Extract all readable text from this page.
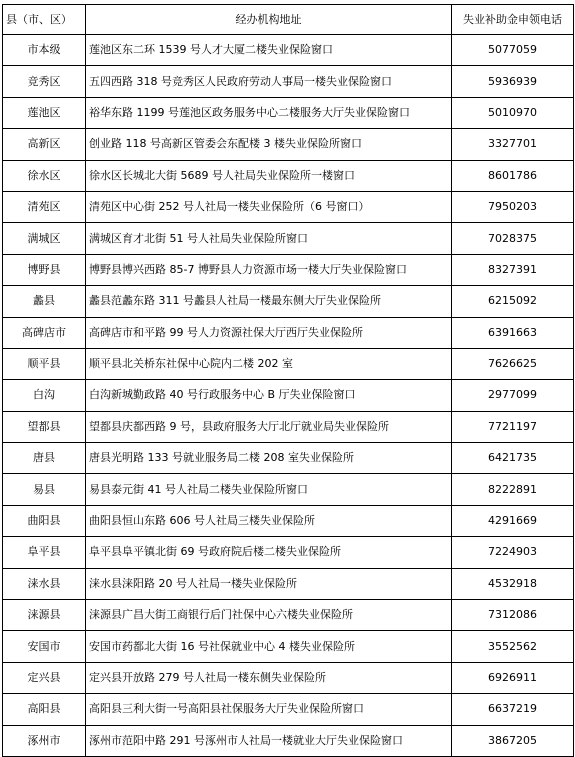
县（市、区）	经办机构地址	失业补助金申领电话
市本级	莲池区东二环 1539 号人才大厦二楼失业保险窗口	5077059
竞秀区	五四西路 318 号竞秀区人民政府劳动人事局一楼失业保险窗口	5936939
莲池区	裕华东路 1199 号莲池区政务服务中心二楼服务大厅失业保险窗口	5010970
高新区	创业路 118 号高新区管委会东配楼 3 楼失业保险所窗口	3327701
徐水区	徐水区长城北大街 5689 号人社局失业保险所一楼窗口	8601786
清苑区	清苑区中心街 252 号人社局一楼失业保险所（6 号窗口）	7950203
满城区	满城区育才北街 51 号人社局失业保险所窗口	7028375
博野县	博野县博兴西路 85-7 博野县人力资源市场一楼大厅失业保险窗口	8327391
蠡县	蠡县范蠡东路 311 号蠡县人社局一楼最东侧大厅失业保险所	6215092
高碑店市	高碑店市和平路 99 号人力资源社保大厅西厅失业保险所	6391663
顺平县	顺平县北关桥东社保中心院内二楼 202 室	7626625
白沟	白沟新城勤政路 40 号行政服务中心 B 厅失业保险窗口	2977099
望都县	望都县庆都西路 9 号，县政府服务大厅北厅就业局失业保险所	7721197
唐县	唐县光明路 133 号就业服务局二楼 208 室失业保险所	6421735
易县	易县泰元街 41 号人社局二楼失业保险所窗口	8222891
曲阳县	曲阳县恒山东路 606 号人社局三楼失业保险所	4291669
阜平县	阜平县阜平镇北街 69 号政府院后楼二楼失业保险所	7224903
涞水县	涞水县涞阳路 20 号人社局一楼失业保险所	4532918
涞源县	涞源县广昌大街工商银行后门社保中心六楼失业保险所	7312086
安国市	安国市药都北大街 16 号社保就业中心 4 楼失业保险所	3552562
定兴县	定兴县开放路 279 号人社局一楼东侧失业保险所	6926911
高阳县	高阳县三利大街一号高阳县社保服务大厅失业保险所窗口	6637219
涿州市	涿州市范阳中路 291 号涿州市人社局一楼就业大厅失业保险窗口	3867205
